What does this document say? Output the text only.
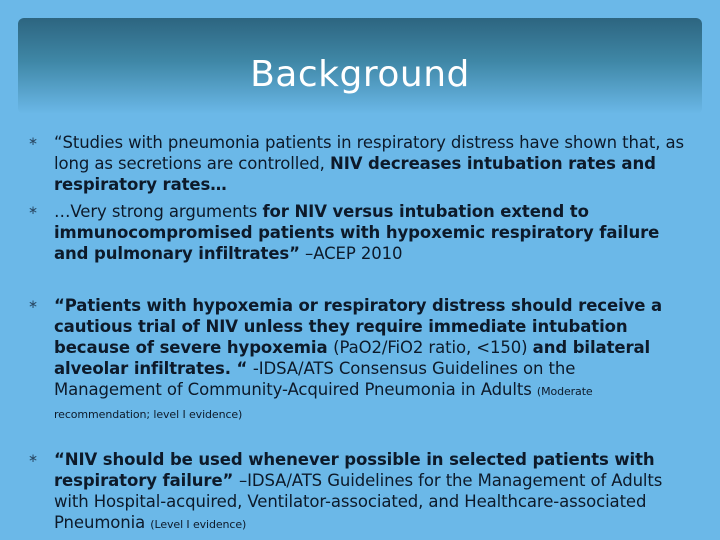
Background
∗ “Studies with pneumonia patients in respiratory distress have shown that, as long as secretions are controlled, NIV decreases intubation rates and respiratory rates…
∗ …Very strong arguments for NIV versus intubation extend to immunocompromised patients with hypoxemic respiratory failure and pulmonary infiltrates” –ACEP 2010
∗ “Patients with hypoxemia or respiratory distress should receive a cautious trial of NIV unless they require immediate intubation because of severe hypoxemia (PaO2/FiO2 ratio, <150) and bilateral alveolar infiltrates. “ -IDSA/ATS Consensus Guidelines on the Management of Community-Acquired Pneumonia in Adults (Moderate recommendation; level I evidence)
∗ “NIV should be used whenever possible in selected patients with respiratory failure” –IDSA/ATS Guidelines for the Management of Adults with Hospital-acquired, Ventilator-associated, and Healthcare-associated Pneumonia (Level I evidence)
